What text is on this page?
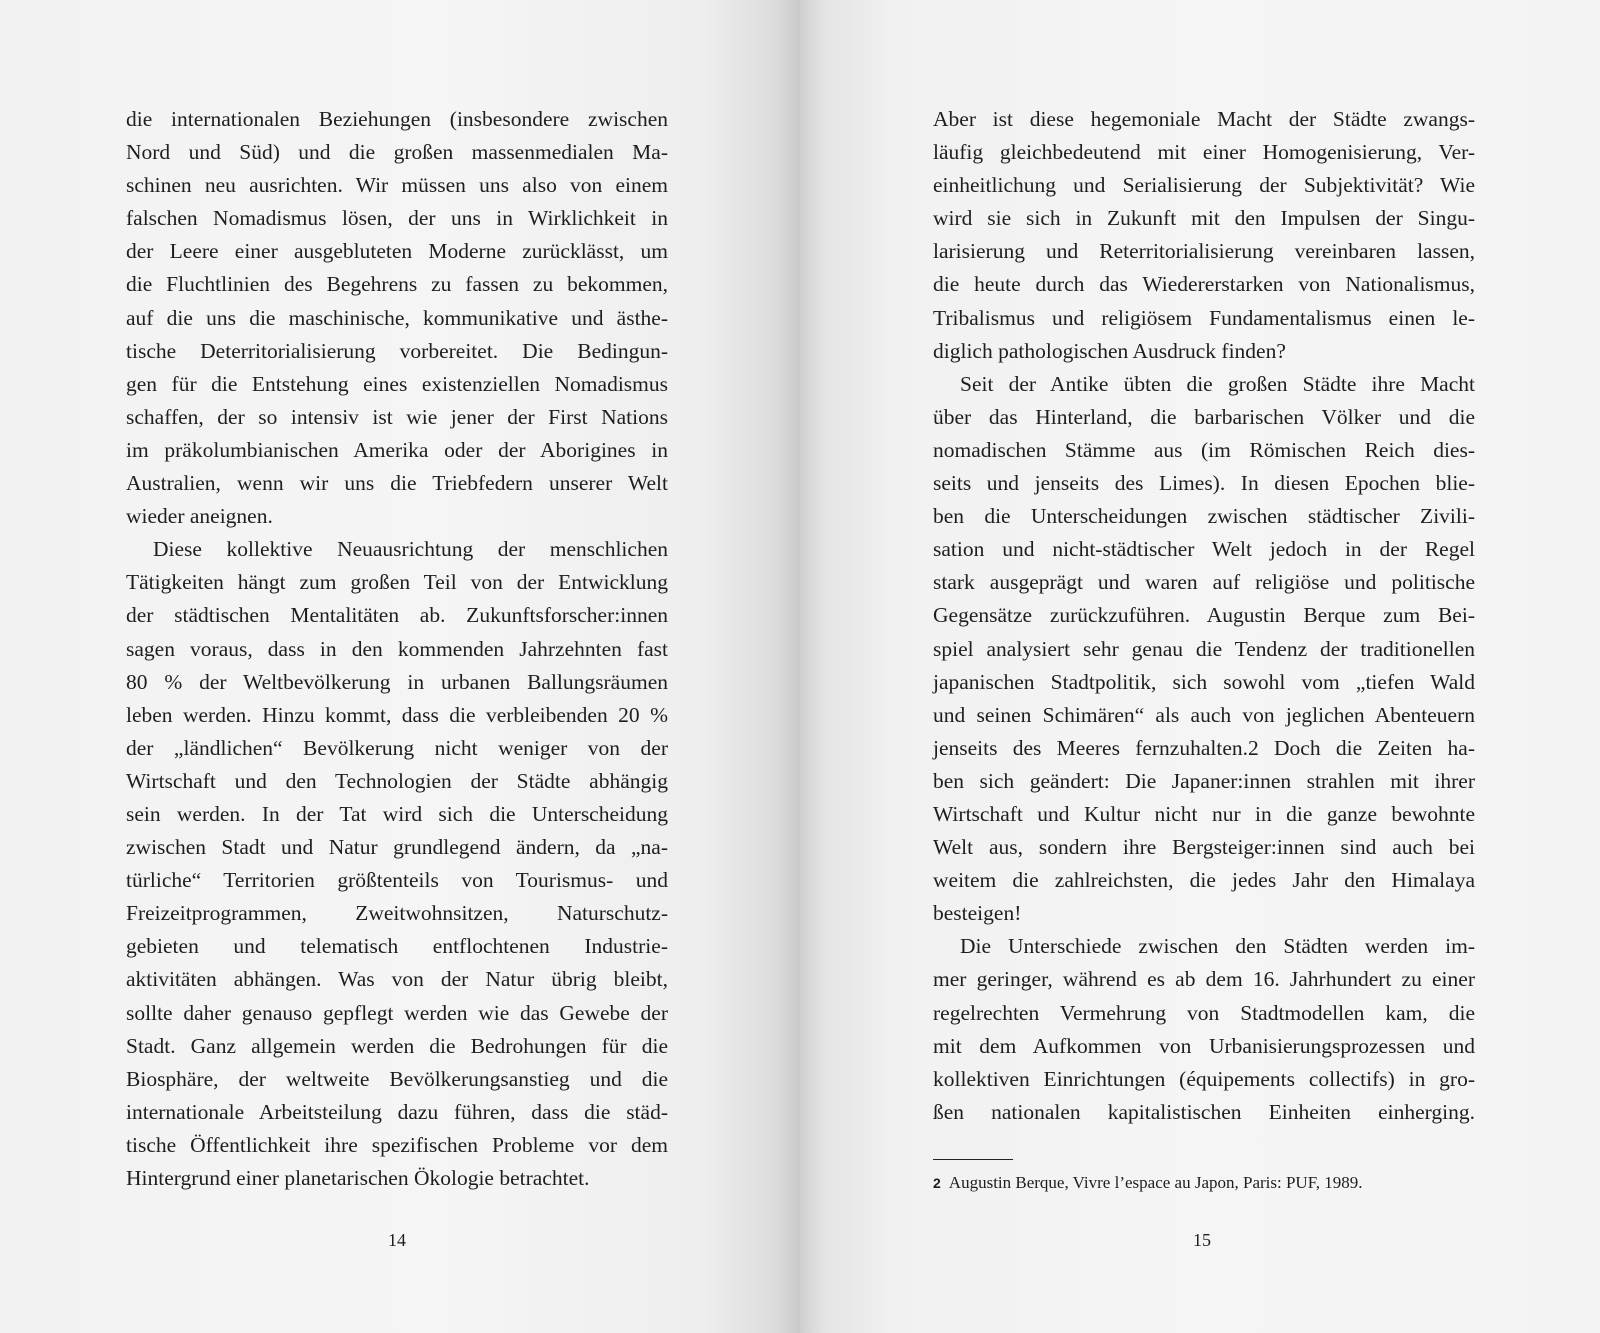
die internationalen Beziehungen (insbesondere zwischen
Nord und Süd) und die großen massenmedialen Ma-
schinen neu ausrichten. Wir müssen uns also von einem
falschen Nomadismus lösen, der uns in Wirklichkeit in
der Leere einer ausgebluteten Moderne zurücklässt, um
die Fluchtlinien des Begehrens zu fassen zu bekommen,
auf die uns die maschinische, kommunikative und ästhe-
tische Deterritorialisierung vorbereitet. Die Bedingun-
gen für die Entstehung eines existenziellen Nomadismus
schaffen, der so intensiv ist wie jener der First Nations
im präkolumbianischen Amerika oder der Aborigines in
Australien, wenn wir uns die Triebfedern unserer Welt
wieder aneignen.
Diese kollektive Neuausrichtung der menschlichen
Tätigkeiten hängt zum großen Teil von der Entwicklung
der städtischen Mentalitäten ab. Zukunftsforscher:innen
sagen voraus, dass in den kommenden Jahrzehnten fast
80 % der Weltbevölkerung in urbanen Ballungsräumen
leben werden. Hinzu kommt, dass die verbleibenden 20 %
der „ländlichen“ Bevölkerung nicht weniger von der
Wirtschaft und den Technologien der Städte abhängig
sein werden. In der Tat wird sich die Unterscheidung
zwischen Stadt und Natur grundlegend ändern, da „na-
türliche“ Territorien größtenteils von Tourismus- und
Freizeitprogrammen, Zweitwohnsitzen, Naturschutz-
gebieten und telematisch entflochtenen Industrie-
aktivitäten abhängen. Was von der Natur übrig bleibt,
sollte daher genauso gepflegt werden wie das Gewebe der
Stadt. Ganz allgemein werden die Bedrohungen für die
Biosphäre, der weltweite Bevölkerungsanstieg und die
internationale Arbeitsteilung dazu führen, dass die städ-
tische Öffentlichkeit ihre spezifischen Probleme vor dem
Hintergrund einer planetarischen Ökologie betrachtet.
14
Aber ist diese hegemoniale Macht der Städte zwangs-
läufig gleichbedeutend mit einer Homogenisierung, Ver-
einheitlichung und Serialisierung der Subjektivität? Wie
wird sie sich in Zukunft mit den Impulsen der Singu-
larisierung und Reterritorialisierung vereinbaren lassen,
die heute durch das Wiedererstarken von Nationalismus,
Tribalismus und religiösem Fundamentalismus einen le-
diglich pathologischen Ausdruck finden?
Seit der Antike übten die großen Städte ihre Macht
über das Hinterland, die barbarischen Völker und die
nomadischen Stämme aus (im Römischen Reich dies-
seits und jenseits des Limes). In diesen Epochen blie-
ben die Unterscheidungen zwischen städtischer Zivili-
sation und nicht-städtischer Welt jedoch in der Regel
stark ausgeprägt und waren auf religiöse und politische
Gegensätze zurückzuführen. Augustin Berque zum Bei-
spiel analysiert sehr genau die Tendenz der traditionellen
japanischen Stadtpolitik, sich sowohl vom „tiefen Wald
und seinen Schimären“ als auch von jeglichen Abenteuern
jenseits des Meeres fernzuhalten.2 Doch die Zeiten ha-
ben sich geändert: Die Japaner:innen strahlen mit ihrer
Wirtschaft und Kultur nicht nur in die ganze bewohnte
Welt aus, sondern ihre Bergsteiger:innen sind auch bei
weitem die zahlreichsten, die jedes Jahr den Himalaya
besteigen!
Die Unterschiede zwischen den Städten werden im-
mer geringer, während es ab dem 16. Jahrhundert zu einer
regelrechten Vermehrung von Stadtmodellen kam, die
mit dem Aufkommen von Urbanisierungsprozessen und
kollektiven Einrichtungen (équipements collectifs) in gro-
ßen nationalen kapitalistischen Einheiten einherging.
2 Augustin Berque, Vivre l’espace au Japon, Paris: PUF, 1989.
15
